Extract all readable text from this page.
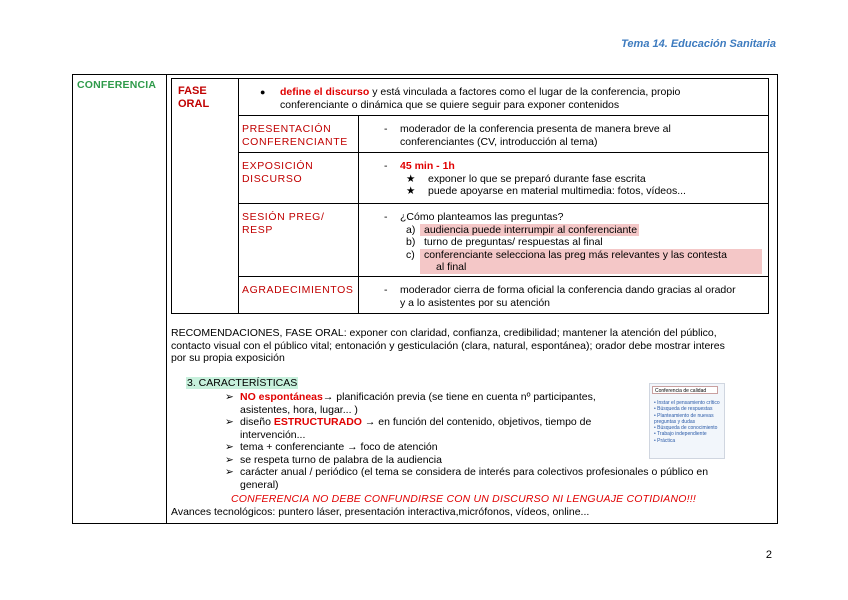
Tema 14. Educación Sanitaria
CONFERENCIA FASE
ORAL
●	define el discurso y está vinculada a factores como el lugar de la conferencia, propio
conferenciante o dinámica que se quiere seguir para exponer contenidos
PRESENTACIÓN
CONFERENCIANTE
- moderador de la conferencia presenta de manera breve al
conferenciantes (CV, introducción al tema)
EXPOSICIÓN
DISCURSO
- 45 min - 1h
★ exponer lo que se preparó durante fase escrita
★ puede apoyarse en material multimedia: fotos, vídeos...
SESIÓN PREG/
RESP
- ¿Cómo planteamos las preguntas?
a) audiencia puede interrumpir al conferenciante
b) turno de preguntas/ respuestas al final
c) conferenciante selecciona las preg más relevantes y las contesta
al final
AGRADECIMIENTOS	- moderador cierra de forma oficial la conferencia dando gracias al orador
y a lo asistentes por su atención
RECOMENDACIONES, FASE ORAL: exponer con claridad, confianza, credibilidad; mantener la atención del público,
contacto visual con el público vital; entonación y gesticulación (clara, natural, espontánea); orador debe mostrar interes
por su propia exposición
3. CARACTERÍSTICAS
➢ NO espontáneas→ planificación previa (se tiene en cuenta nº participantes,
asistentes, hora, lugar... )
➢ diseño ESTRUCTURADO → en función del contenido, objetivos, tiempo de
intervención...
➢ tema + conferenciante → foco de atención
➢ se respeta turno de palabra de la audiencia
➢ carácter anual / periódico (el tema se considera de interés para colectivos profesionales o público en
general)
Conferencia de calidad
• Instar el pensamiento crítico
• Búsqueda de respuestas
• Planteamiento de nuevas
preguntas y dudas
• Búsqueda de conocimiento
• Trabajo independiente
• Práctica
CONFERENCIA NO DEBE CONFUNDIRSE CON UN DISCURSO NI LENGUAJE COTIDIANO!!!
Avances tecnológicos: puntero láser, presentación interactiva,micrófonos, vídeos, online...
2
